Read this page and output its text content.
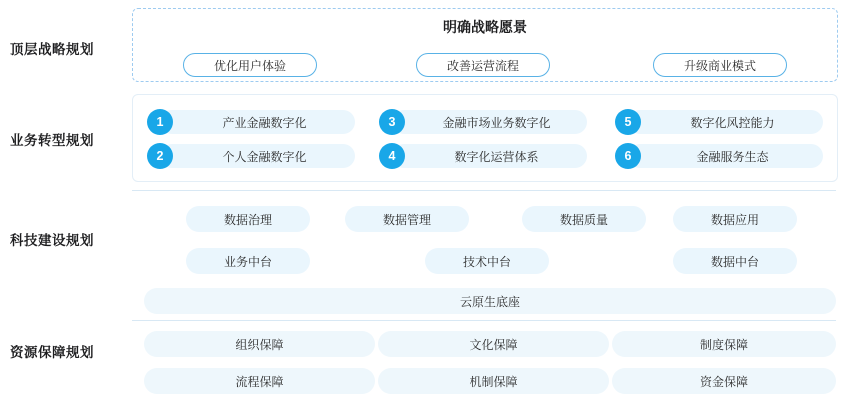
顶层战略规划
业务转型规划
科技建设规划
资源保障规划
明确战略愿景
优化用户体验	改善运营流程	升级商业模式
1	产业金融数字化
2	个人金融数字化
3	金融市场业务数字化
4	数字化运营体系
5	数字化风控能力
6	金融服务生态
数据治理	数据管理	数据质量	数据应用
业务中台	技术中台	数据中台
云原生底座
组织保障	文化保障	制度保障
流程保障	机制保障	资金保障
